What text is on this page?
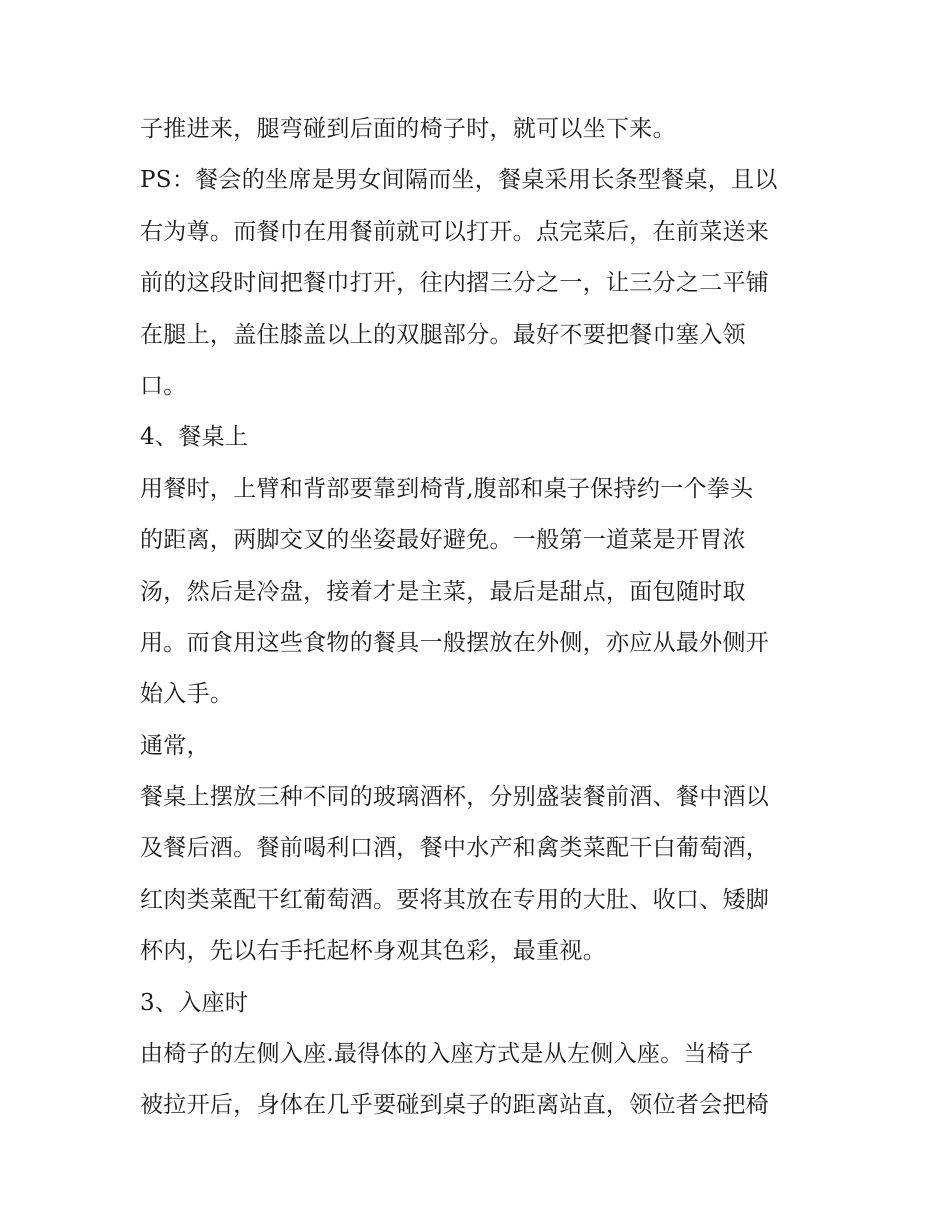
子推进来，腿弯碰到后面的椅子时，就可以坐下来。
PS：餐会的坐席是男女间隔而坐，餐桌采用长条型餐桌，且以
右为尊。而餐巾在用餐前就可以打开。点完菜后，在前菜送来
前的这段时间把餐巾打开，往内摺三分之一，让三分之二平铺
在腿上，盖住膝盖以上的双腿部分。最好不要把餐巾塞入领
口。
4、餐桌上
用餐时，上臂和背部要靠到椅背,腹部和桌子保持约一个拳头
的距离，两脚交叉的坐姿最好避免。一般第一道菜是开胃浓
汤，然后是冷盘，接着才是主菜，最后是甜点，面包随时取
用。而食用这些食物的餐具一般摆放在外侧，亦应从最外侧开
始入手。
通常，
餐桌上摆放三种不同的玻璃酒杯，分别盛装餐前酒、餐中酒以
及餐后酒。餐前喝利口酒，餐中水产和禽类菜配干白葡萄酒，
红肉类菜配干红葡萄酒。要将其放在专用的大肚、收口、矮脚
杯内，先以右手托起杯身观其色彩，最重视。
3、入座时
由椅子的左侧入座.最得体的入座方式是从左侧入座。当椅子
被拉开后，身体在几乎要碰到桌子的距离站直，领位者会把椅
